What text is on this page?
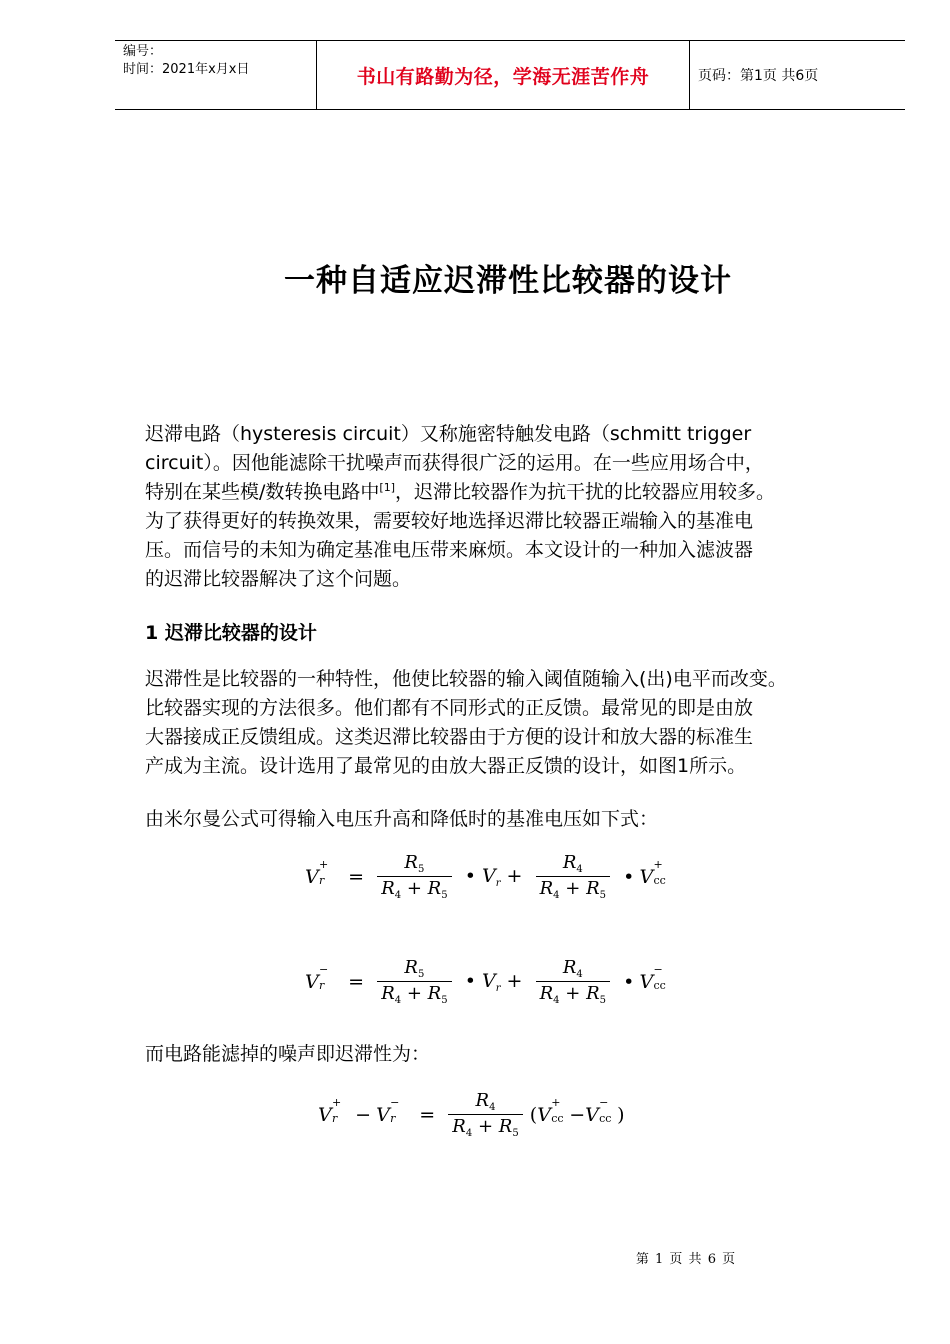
编号：
时间：2021年x月x日	书山有路勤为径，学海无涯苦作舟	页码：第1页 共6页
一种自适应迟滞性比较器的设计
迟滞电路（hysteresis circuit）又称施密特触发电路（schmitt trigger
circuit）。因他能滤除干扰噪声而获得很广泛的运用。在一些应用场合中，
特别在某些模/数转换电路中[1]，迟滞比较器作为抗干扰的比较器应用较多。
为了获得更好的转换效果，需要较好地选择迟滞比较器正端输入的基准电
压。而信号的未知为确定基准电压带来麻烦。本文设计的一种加入滤波器
的迟滞比较器解决了这个问题。
1 迟滞比较器的设计
迟滞性是比较器的一种特性，他使比较器的输入阈值随输入(出)电平而改变。
比较器实现的方法很多。他们都有不同形式的正反馈。最常见的即是由放
大器接成正反馈组成。这类迟滞比较器由于方便的设计和放大器的标准生
产成为主流。设计选用了最常见的由放大器正反馈的设计，如图1所示。
由米尔曼公式可得输入电压升高和降低时的基准电压如下式：
V
+
$r = \frac{R_5}{R_4 + R_5}$ • $V_r + \frac{R_4}{R_4 + R_5}$ • V
+
cc
V
−
$r = \frac{R_5}{R_4 + R_5}$ • $V_r + \frac{R_4}{R_4 + R_5}$ • V
−
cc
而电路能滤掉的噪声即迟滞性为：
V
+
r − V
−
$r = \frac{R_4}{R_4 + R_5}$ ( V
+
cc − V
−
cc )
第 1 页 共 6 页
